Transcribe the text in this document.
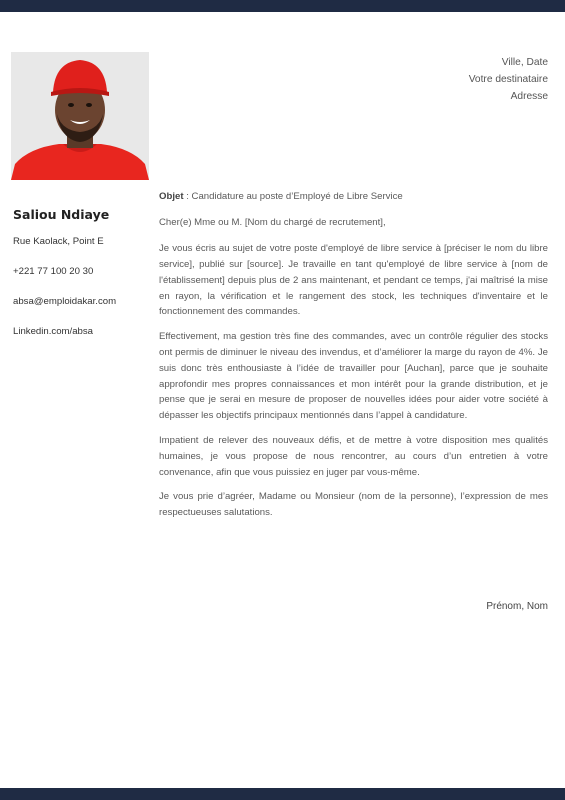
Saliou Ndiaye
Rue Kaolack, Point E
+221 77 100 20 30
absa@emploidakar.com
Linkedin.com/absa
Ville, Date
Votre destinataire
Adresse

Objet : Candidature au poste d’Employé de Libre Service

Cher(e) Mme ou M. [Nom du chargé de recrutement],

Je vous écris au sujet de votre poste d'employé de libre service à [préciser le nom du libre service], publié sur [source]. Je travaille en tant qu'employé de libre service à [nom de l'établissement] depuis plus de 2 ans maintenant, et pendant ce temps, j'ai maîtrisé la mise en rayon, la vérification et le rangement des stock, les techniques d'inventaire et le fonctionnement des commandes.

Effectivement, ma gestion très fine des commandes, avec un contrôle régulier des stocks ont permis de diminuer le niveau des invendus, et d’améliorer la marge du rayon de 4%. Je suis donc très enthousiaste à l’idée de travailler pour [Auchan], parce que je souhaite approfondir mes propres connaissances et mon intérêt pour la grande distribution, et je pense que je serai en mesure de proposer de nouvelles idées pour aider votre société à dépasser les objectifs principaux mentionnés dans l’appel à candidature.

Impatient de relever des nouveaux défis, et de mettre à votre disposition mes qualités humaines, je vous propose de nous rencontrer, au cours d’un entretien à votre convenance, afin que vous puissiez en juger par vous-même.

Je vous prie d’agréer, Madame ou Monsieur (nom de la personne), l’expression de mes respectueuses salutations.

Prénom, Nom
